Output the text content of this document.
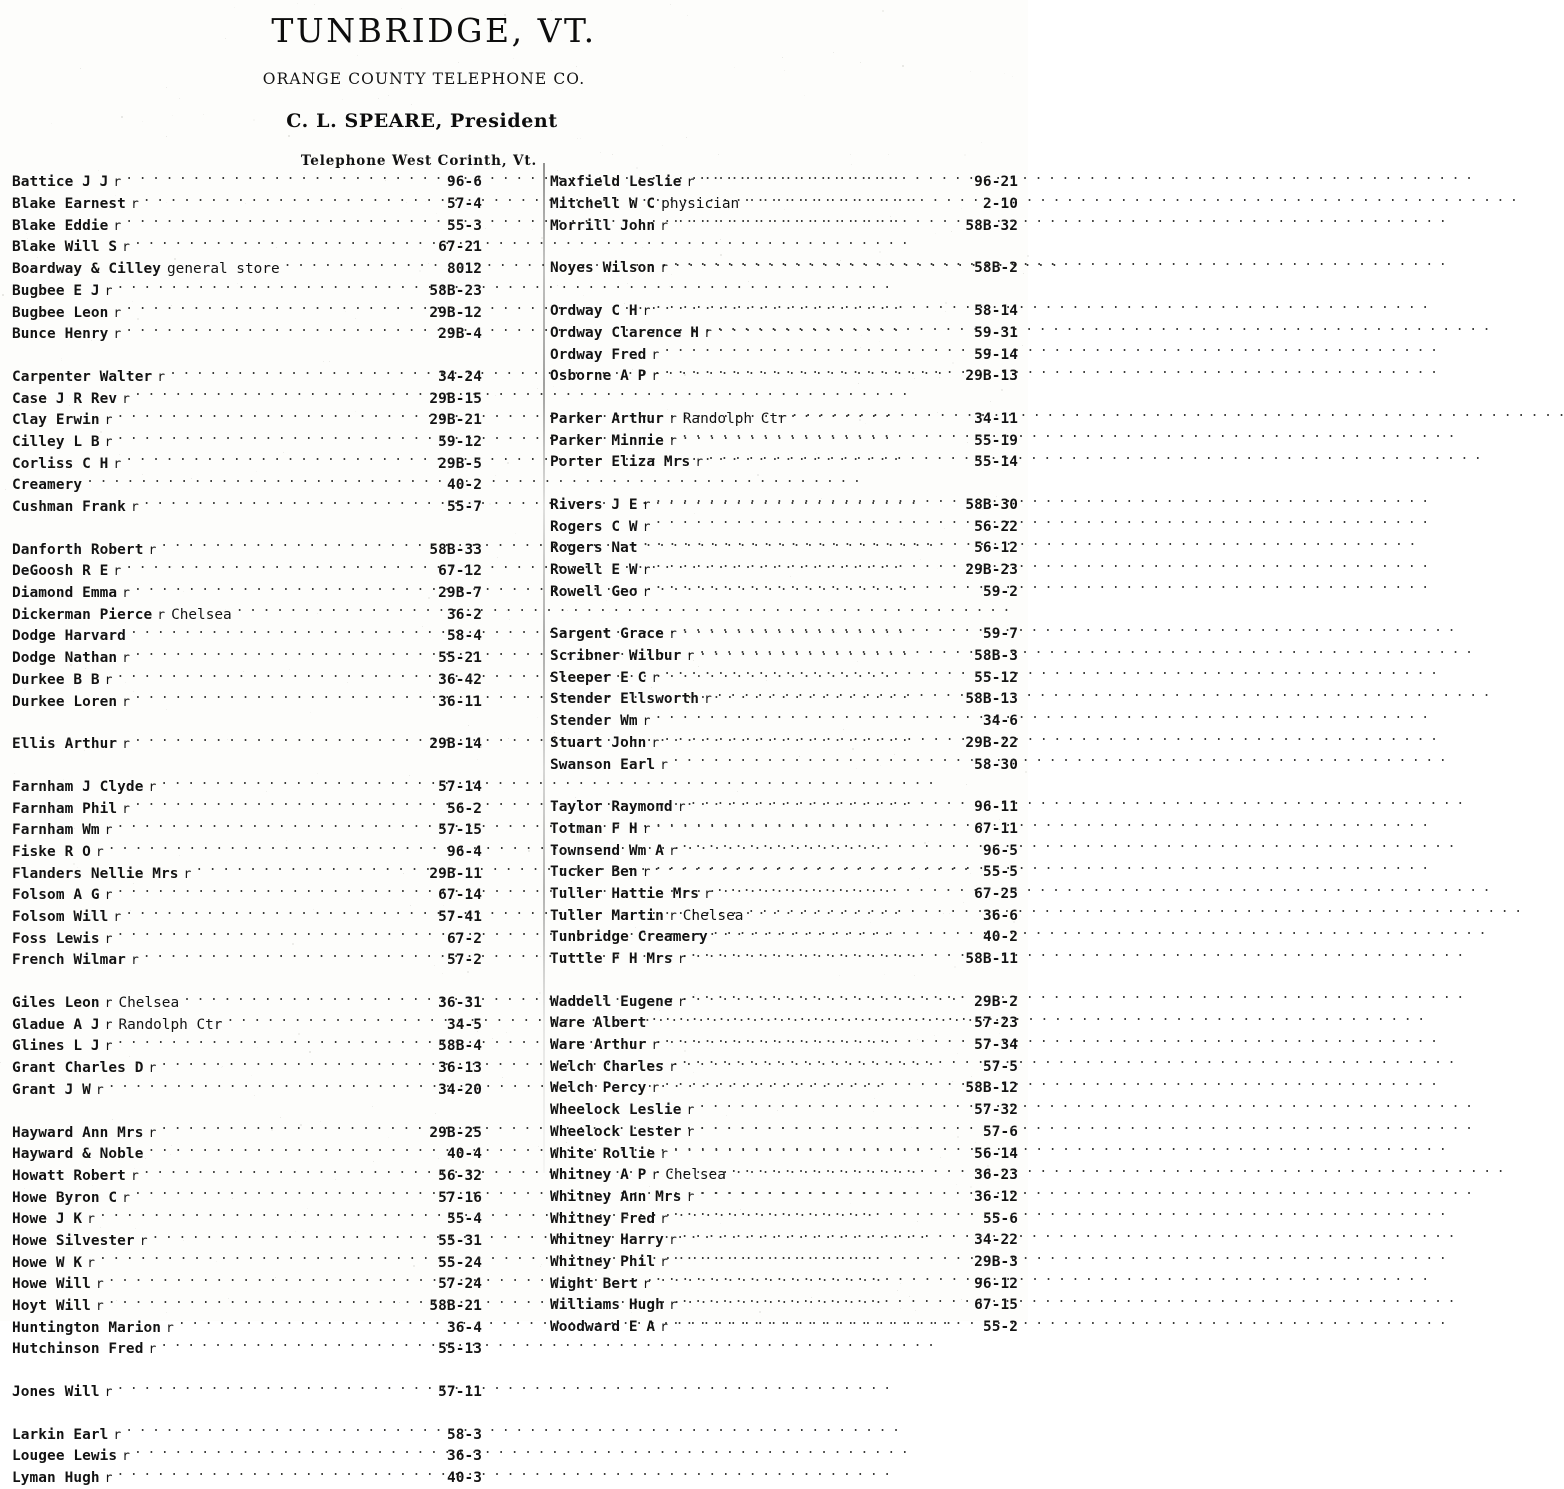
TUNBRIDGE, VT.
ORANGE COUNTY TELEPHONE CO.
C. L. SPEARE, President
Telephone West Corinth, Vt.
Battice J J r . . .	96-6
Blake Earnest r . . .	57-4
Blake Eddie r . . .	55-3
Blake Will S r . . .	67-21
Boardway & Cilley general store . . .	8012
Bugbee E J r . . .	58B-23
Bugbee Leon r . . .	29B-12
Bunce Henry r . . .	29B-4
Carpenter Walter r . . .	34-24
Case J R Rev r . . .	29B-15
Clay Erwin r . . .	29B-21
Cilley L B r . . .	59-12
Corliss C H r . . .	29B-5
Creamery . . .	40-2
Cushman Frank r . . .	55-7
Danforth Robert r . . .	58B-33
DeGoosh R E r . . .	67-12
Diamond Emma r . . .	29B-7
Dickerman Pierce r Chelsea . . .	36-2
Dodge Harvard . . .	58-4
Dodge Nathan r . . .	55-21
Durkee B B r . . .	36-42
Durkee Loren r . . .	36-11
Ellis Arthur r . . .	29B-14
Farnham J Clyde r . . .	57-14
Farnham Phil r . . .	56-2
Farnham Wm r . . .	57-15
Fiske R O r . . .	96-4
Flanders Nellie Mrs r . . .	29B-11
Folsom A G r . . .	67-14
Folsom Will r . . .	57-41
Foss Lewis r . . .	67-2
French Wilmar r . . .	57-2
Giles Leon r Chelsea . . .	36-31
Gladue A J r Randolph Ctr . . .	34-5
Glines L J r . . .	58B-4
Grant Charles D r . . .	36-13
Grant J W r . . .	34-20
Hayward Ann Mrs r . . .	29B-25
Hayward & Noble . . .	40-4
Howatt Robert r . . .	56-32
Howe Byron C r . . .	57-16
Howe J K r . . .	55-4
Howe Silvester r . . .	55-31
Howe W K r . . .	55-24
Howe Will r . . .	57-24
Hoyt Will r . . .	58B-21
Huntington Marion r . . .	36-4
Hutchinson Fred r . . .	55-13
Jones Will r . . .	57-11
Larkin Earl r . . .	58-3
Lougee Lewis r . . .	36-3
Lyman Hugh r . . .	40-3
Maxfield Leslie r . . .	96-21
Mitchell W C physician . . .	2-10
Morrill John r . . .	58B-32
Noyes Wilson r . . .	58B-2
Ordway C H r . . .	58-14
Ordway Clarence H r . . .	59-31
Ordway Fred r . . .	59-14
Osborne A P r . . .	29B-13
Parker Arthur r Randolph Ctr . . .	34-11
Parker Minnie r . . .	55-19
Porter Eliza Mrs r . . .	55-14
Rivers J E r . . .	58B-30
Rogers C W r . . .	56-22
Rogers Nat . . .	56-12
Rowell E W r . . .	29B-23
Rowell Geo r . . .	59-2
Sargent Grace r . . .	59-7
Scribner Wilbur r . . .	58B-3
Sleeper E C r . . .	55-12
Stender Ellsworth r . . .	58B-13
Stender Wm r . . .	34-6
Stuart John r . . .	29B-22
Swanson Earl r . . .	58-30
Taylor Raymond r . . .	96-11
Totman F H r . . .	67-11
Townsend Wm A r . . .	96-5
Tucker Ben r . . .	55-5
Tuller Hattie Mrs r . . .	67-25
Tuller Martin r Chelsea . . .	36-6
Tunbridge Creamery . . .	40-2
Tuttle F H Mrs r . . .	58B-11
Waddell Eugene r . . .	29B-2
Ware Albert . . .	57-23
Ware Arthur r . . .	57-34
Welch Charles r . . .	57-5
Welch Percy r . . .	58B-12
Wheelock Leslie r . . .	57-32
Wheelock Lester r . . .	57-6
White Rollie r . . .	56-14
Whitney A P r Chelsea . . .	36-23
Whitney Ann Mrs r . . .	36-12
Whitney Fred r . . .	55-6
Whitney Harry r . . .	34-22
Whitney Phil r . . .	29B-3
Wight Bert r . . .	96-12
Williams Hugh r . . .	67-15
Woodward E A r . . .	55-2
